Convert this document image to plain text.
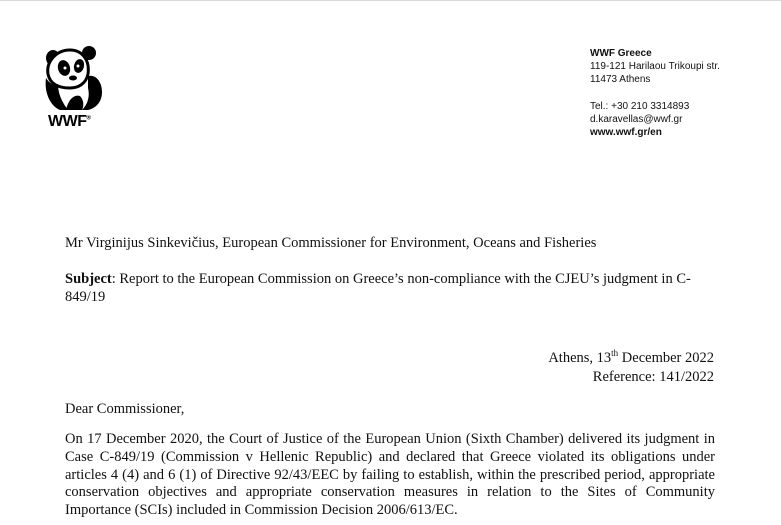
WWF®
WWF Greece
119-121 Harilaou Trikoupi str.
11473 Athens
Tel.: +30 210 3314893
d.karavellas@wwf.gr
www.wwf.gr/en
Mr Virginijus Sinkevičius, European Commissioner for Environment, Oceans and Fisheries
Subject: Report to the European Commission on Greece’s non-compliance with the CJEU’s judgment in C-849/19
Athens, 13th December 2022
Reference: 141/2022
Dear Commissioner,
On 17 December 2020, the Court of Justice of the European Union (Sixth Chamber) delivered its judgment in Case C-849/19 (Commission v Hellenic Republic) and declared that Greece violated its obligations under articles 4 (4) and 6 (1) of Directive 92/43/EEC by failing to establish, within the prescribed period, appropriate conservation objectives and appropriate conservation measures in relation to the Sites of Community Importance (SCIs) included in Commission Decision 2006/613/EC.
